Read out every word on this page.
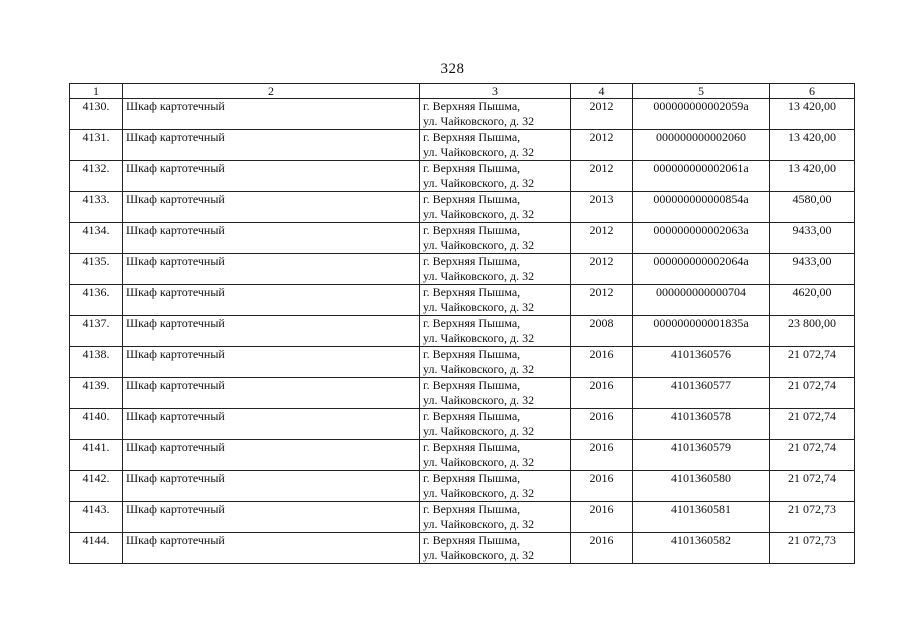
328
1	2	3	4	5	6
4130.	Шкаф картотечный	г. Верхняя Пышма,
ул. Чайковского, д. 32	2012	000000000002059а	13 420,00
4131.	Шкаф картотечный	г. Верхняя Пышма,
ул. Чайковского, д. 32	2012	000000000002060	13 420,00
4132.	Шкаф картотечный	г. Верхняя Пышма,
ул. Чайковского, д. 32	2012	000000000002061а	13 420,00
4133.	Шкаф картотечный	г. Верхняя Пышма,
ул. Чайковского, д. 32	2013	000000000000854а	4580,00
4134.	Шкаф картотечный	г. Верхняя Пышма,
ул. Чайковского, д. 32	2012	000000000002063а	9433,00
4135.	Шкаф картотечный	г. Верхняя Пышма,
ул. Чайковского, д. 32	2012	000000000002064а	9433,00
4136.	Шкаф картотечный	г. Верхняя Пышма,
ул. Чайковского, д. 32	2012	000000000000704	4620,00
4137.	Шкаф картотечный	г. Верхняя Пышма,
ул. Чайковского, д. 32	2008	000000000001835а	23 800,00
4138.	Шкаф картотечный	г. Верхняя Пышма,
ул. Чайковского, д. 32	2016	4101360576	21 072,74
4139.	Шкаф картотечный	г. Верхняя Пышма,
ул. Чайковского, д. 32	2016	4101360577	21 072,74
4140.	Шкаф картотечный	г. Верхняя Пышма,
ул. Чайковского, д. 32	2016	4101360578	21 072,74
4141.	Шкаф картотечный	г. Верхняя Пышма,
ул. Чайковского, д. 32	2016	4101360579	21 072,74
4142.	Шкаф картотечный	г. Верхняя Пышма,
ул. Чайковского, д. 32	2016	4101360580	21 072,74
4143.	Шкаф картотечный	г. Верхняя Пышма,
ул. Чайковского, д. 32	2016	4101360581	21 072,73
4144.	Шкаф картотечный	г. Верхняя Пышма,
ул. Чайковского, д. 32	2016	4101360582	21 072,73
